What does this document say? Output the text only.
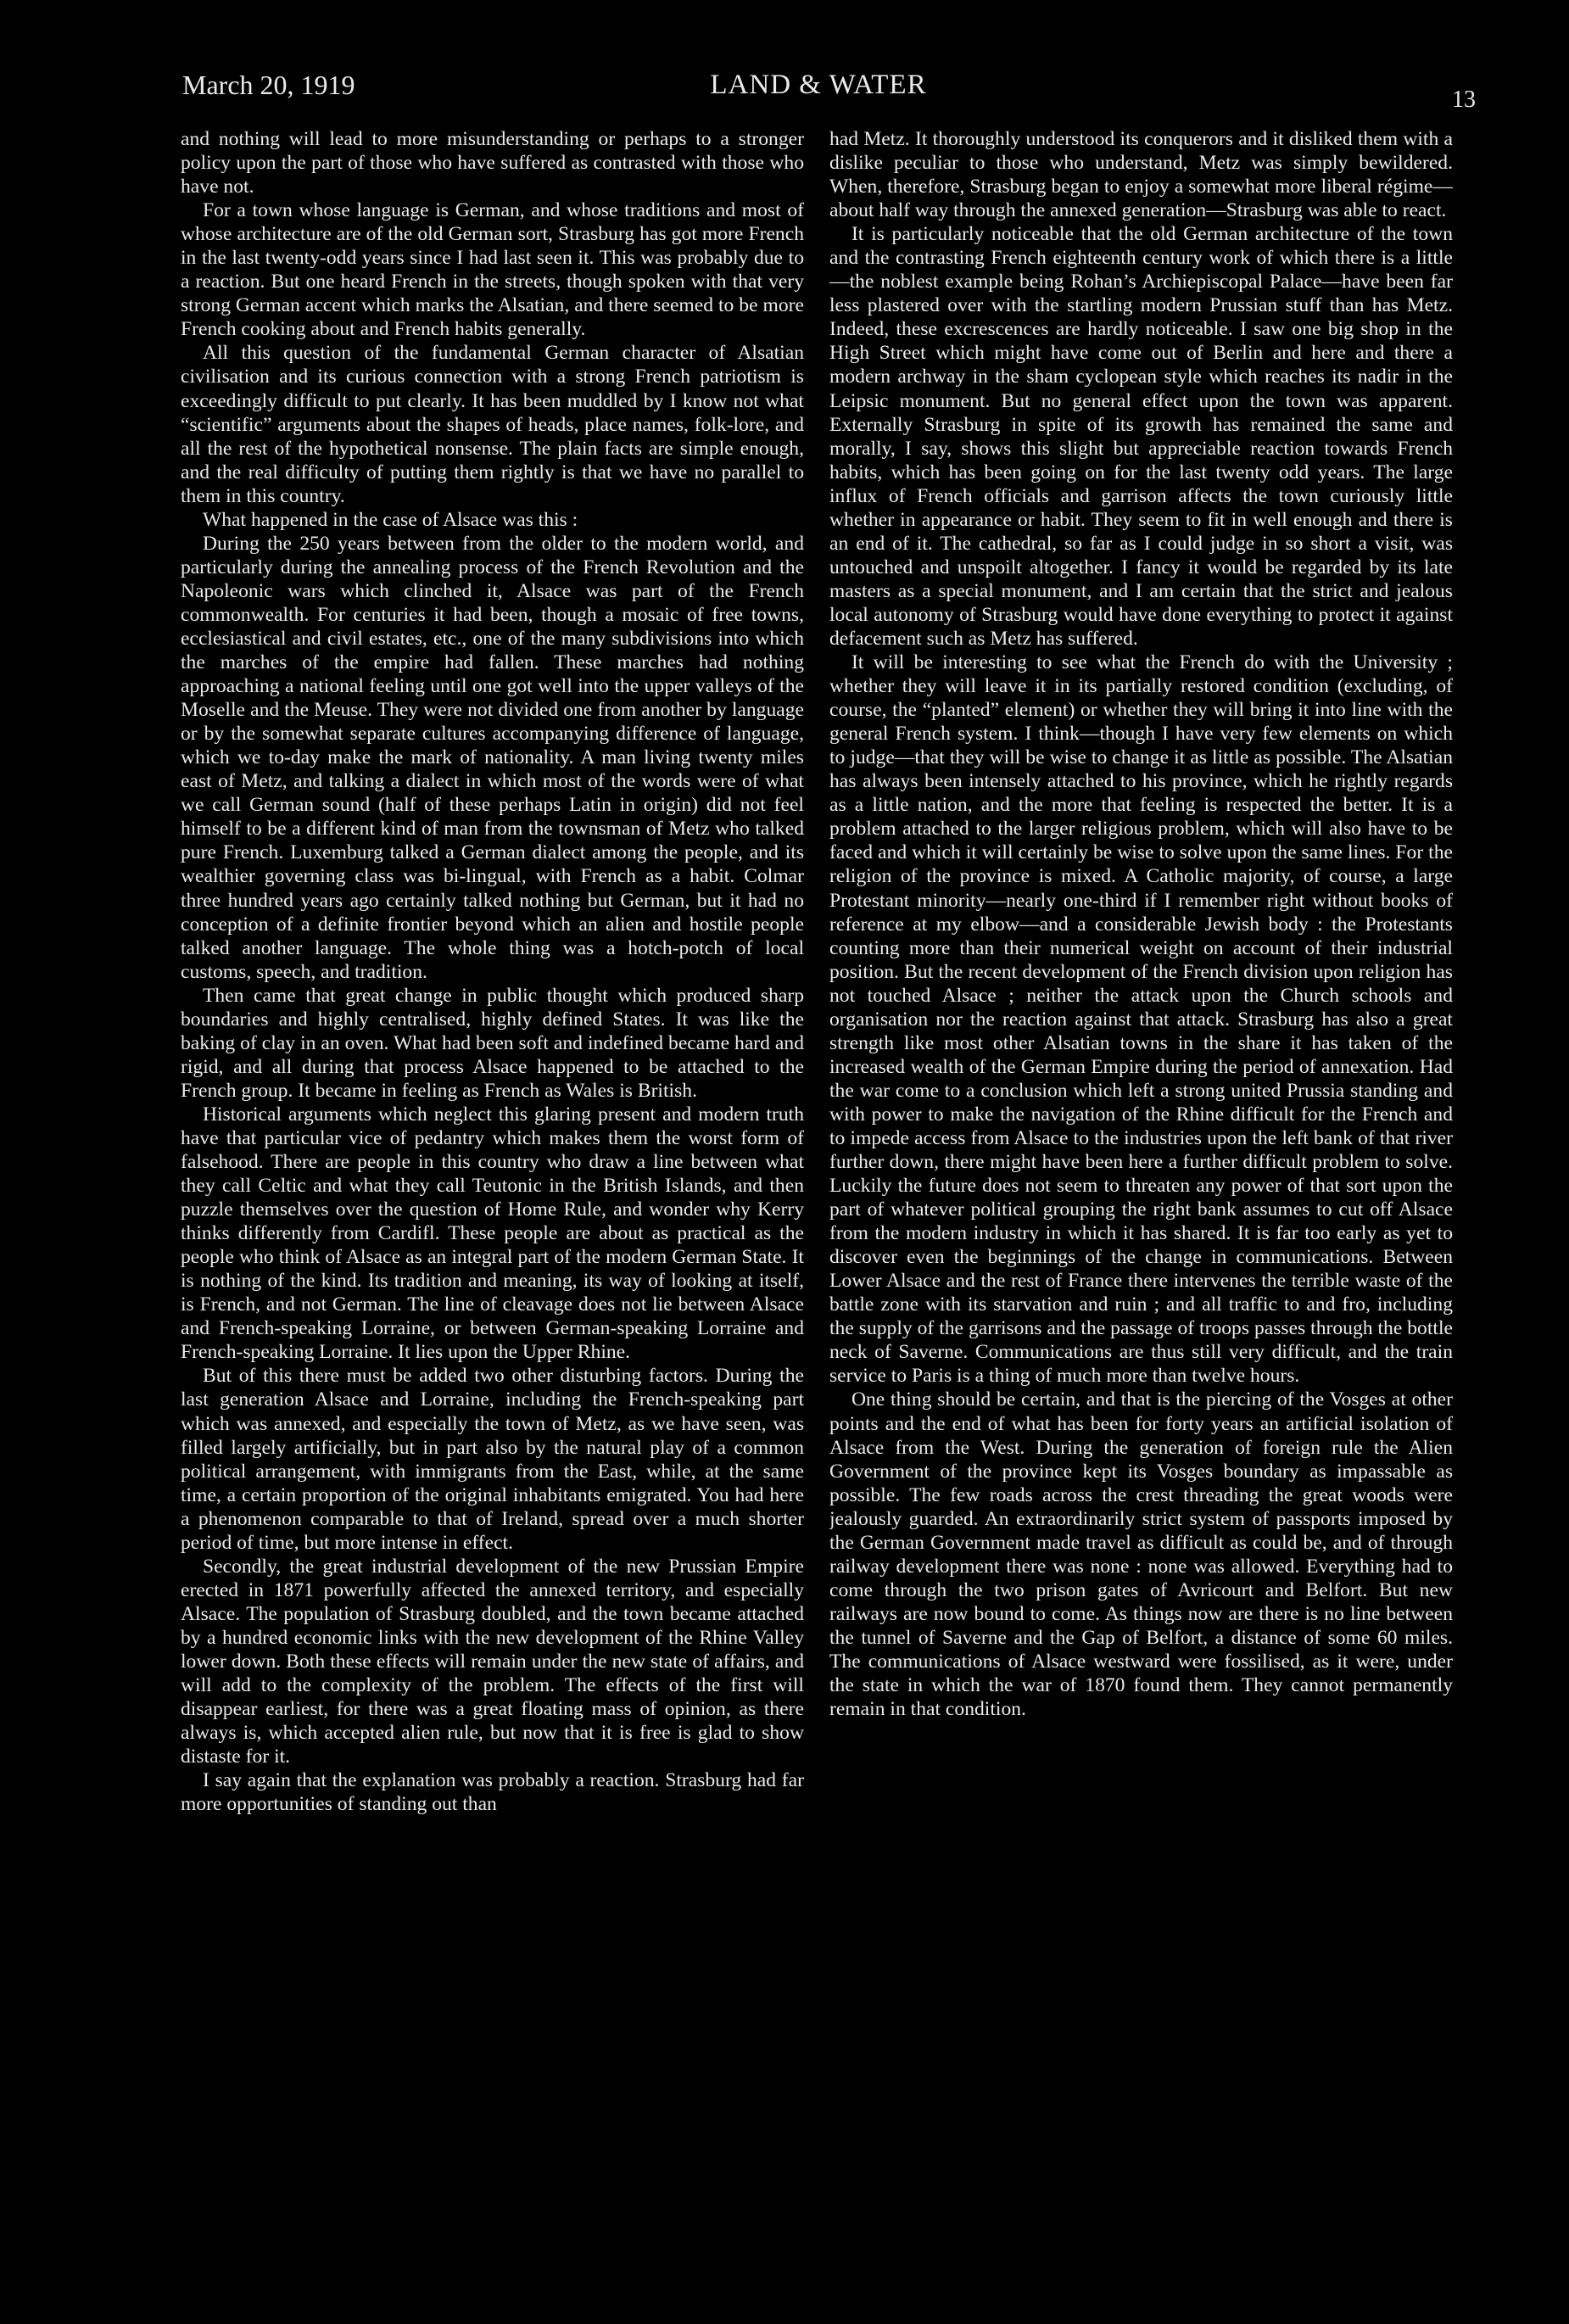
March 20, 1919	LAND & WATER	13

and nothing will lead to more misunderstanding or perhaps to a stronger policy upon the part of those who have suffered as contrasted with those who have not.

For a town whose language is German, and whose traditions and most of whose architecture are of the old German sort, Strasburg has got more French in the last twenty-odd years since I had last seen it. This was probably due to a reaction. But one heard French in the streets, though spoken with that very strong German accent which marks the Alsatian, and there seemed to be more French cooking about and French habits generally.

All this question of the fundamental German character of Alsatian civilisation and its curious connection with a strong French patriotism is exceedingly difficult to put clearly. It has been muddled by I know not what “scientific” arguments about the shapes of heads, place names, folk-lore, and all the rest of the hypothetical nonsense. The plain facts are simple enough, and the real difficulty of putting them rightly is that we have no parallel to them in this country.

What happened in the case of Alsace was this :

During the 250 years between from the older to the modern world, and particularly during the annealing process of the French Revolution and the Napoleonic wars which clinched it, Alsace was part of the French commonwealth. For centuries it had been, though a mosaic of free towns, ecclesiastical and civil estates, etc., one of the many subdivisions into which the marches of the empire had fallen. These marches had nothing approaching a national feeling until one got well into the upper valleys of the Moselle and the Meuse. They were not divided one from another by language or by the somewhat separate cultures accompanying difference of language, which we to-day make the mark of nationality. A man living twenty miles east of Metz, and talking a dialect in which most of the words were of what we call German sound (half of these perhaps Latin in origin) did not feel himself to be a different kind of man from the townsman of Metz who talked pure French. Luxemburg talked a German dialect among the people, and its wealthier governing class was bi-lingual, with French as a habit. Colmar three hundred years ago certainly talked nothing but German, but it had no conception of a definite frontier beyond which an alien and hostile people talked another language. The whole thing was a hotch-potch of local customs, speech, and tradition.

Then came that great change in public thought which produced sharp boundaries and highly centralised, highly defined States. It was like the baking of clay in an oven. What had been soft and indefined became hard and rigid, and all during that process Alsace happened to be attached to the French group. It became in feeling as French as Wales is British.

Historical arguments which neglect this glaring present and modern truth have that particular vice of pedantry which makes them the worst form of falsehood. There are people in this country who draw a line between what they call Celtic and what they call Teutonic in the British Islands, and then puzzle themselves over the question of Home Rule, and wonder why Kerry thinks differently from Cardifl. These people are about as practical as the people who think of Alsace as an integral part of the modern German State. It is nothing of the kind. Its tradition and meaning, its way of looking at itself, is French, and not German. The line of cleavage does not lie between Alsace and French-speaking Lorraine, or between German-speaking Lorraine and French-speaking Lorraine. It lies upon the Upper Rhine.

But of this there must be added two other disturbing factors. During the last generation Alsace and Lorraine, including the French-speaking part which was annexed, and especially the town of Metz, as we have seen, was filled largely artificially, but in part also by the natural play of a common political arrangement, with immigrants from the East, while, at the same time, a certain proportion of the original inhabitants emigrated. You had here a phenomenon comparable to that of Ireland, spread over a much shorter period of time, but more intense in effect.

Secondly, the great industrial development of the new Prussian Empire erected in 1871 powerfully affected the annexed territory, and especially Alsace. The population of Strasburg doubled, and the town became attached by a hundred economic links with the new development of the Rhine Valley lower down. Both these effects will remain under the new state of affairs, and will add to the complexity of the problem. The effects of the first will disappear earliest, for there was a great floating mass of opinion, as there always is, which accepted alien rule, but now that it is free is glad to show distaste for it.

I say again that the explanation was probably a reaction. Strasburg had far more opportunities of standing out than

had Metz. It thoroughly understood its conquerors and it disliked them with a dislike peculiar to those who understand, Metz was simply bewildered. When, therefore, Strasburg began to enjoy a somewhat more liberal régime—about half way through the annexed generation—Strasburg was able to react.

It is particularly noticeable that the old German architecture of the town and the contrasting French eighteenth century work of which there is a little—the noblest example being Rohan’s Archiepiscopal Palace—have been far less plastered over with the startling modern Prussian stuff than has Metz. Indeed, these excrescences are hardly noticeable. I saw one big shop in the High Street which might have come out of Berlin and here and there a modern archway in the sham cyclopean style which reaches its nadir in the Leipsic monument. But no general effect upon the town was apparent. Externally Strasburg in spite of its growth has remained the same and morally, I say, shows this slight but appreciable reaction towards French habits, which has been going on for the last twenty odd years. The large influx of French officials and garrison affects the town curiously little whether in appearance or habit. They seem to fit in well enough and there is an end of it. The cathedral, so far as I could judge in so short a visit, was untouched and unspoilt altogether. I fancy it would be regarded by its late masters as a special monument, and I am certain that the strict and jealous local autonomy of Strasburg would have done everything to protect it against defacement such as Metz has suffered.

It will be interesting to see what the French do with the University ; whether they will leave it in its partially restored condition (excluding, of course, the “planted” element) or whether they will bring it into line with the general French system. I think—though I have very few elements on which to judge—that they will be wise to change it as little as possible. The Alsatian has always been intensely attached to his province, which he rightly regards as a little nation, and the more that feeling is respected the better. It is a problem attached to the larger religious problem, which will also have to be faced and which it will certainly be wise to solve upon the same lines. For the religion of the province is mixed. A Catholic majority, of course, a large Protestant minority—nearly one-third if I remember right without books of reference at my elbow—and a considerable Jewish body : the Protestants counting more than their numerical weight on account of their industrial position. But the recent development of the French division upon religion has not touched Alsace ; neither the attack upon the Church schools and organisation nor the reaction against that attack. Strasburg has also a great strength like most other Alsatian towns in the share it has taken of the increased wealth of the German Empire during the period of annexation. Had the war come to a conclusion which left a strong united Prussia standing and with power to make the navigation of the Rhine difficult for the French and to impede access from Alsace to the industries upon the left bank of that river further down, there might have been here a further difficult problem to solve. Luckily the future does not seem to threaten any power of that sort upon the part of whatever political grouping the right bank assumes to cut off Alsace from the modern industry in which it has shared. It is far too early as yet to discover even the beginnings of the change in communications. Between Lower Alsace and the rest of France there intervenes the terrible waste of the battle zone with its starvation and ruin ; and all traffic to and fro, including the supply of the garrisons and the passage of troops passes through the bottle neck of Saverne. Communications are thus still very difficult, and the train service to Paris is a thing of much more than twelve hours.

One thing should be certain, and that is the piercing of the Vosges at other points and the end of what has been for forty years an artificial isolation of Alsace from the West. During the generation of foreign rule the Alien Government of the province kept its Vosges boundary as impassable as possible. The few roads across the crest threading the great woods were jealously guarded. An extraordinarily strict system of passports imposed by the German Government made travel as difficult as could be, and of through railway development there was none : none was allowed. Everything had to come through the two prison gates of Avricourt and Belfort. But new railways are now bound to come. As things now are there is no line between the tunnel of Saverne and the Gap of Belfort, a distance of some 60 miles. The communications of Alsace westward were fossilised, as it were, under the state in which the war of 1870 found them. They cannot permanently remain in that condition.
